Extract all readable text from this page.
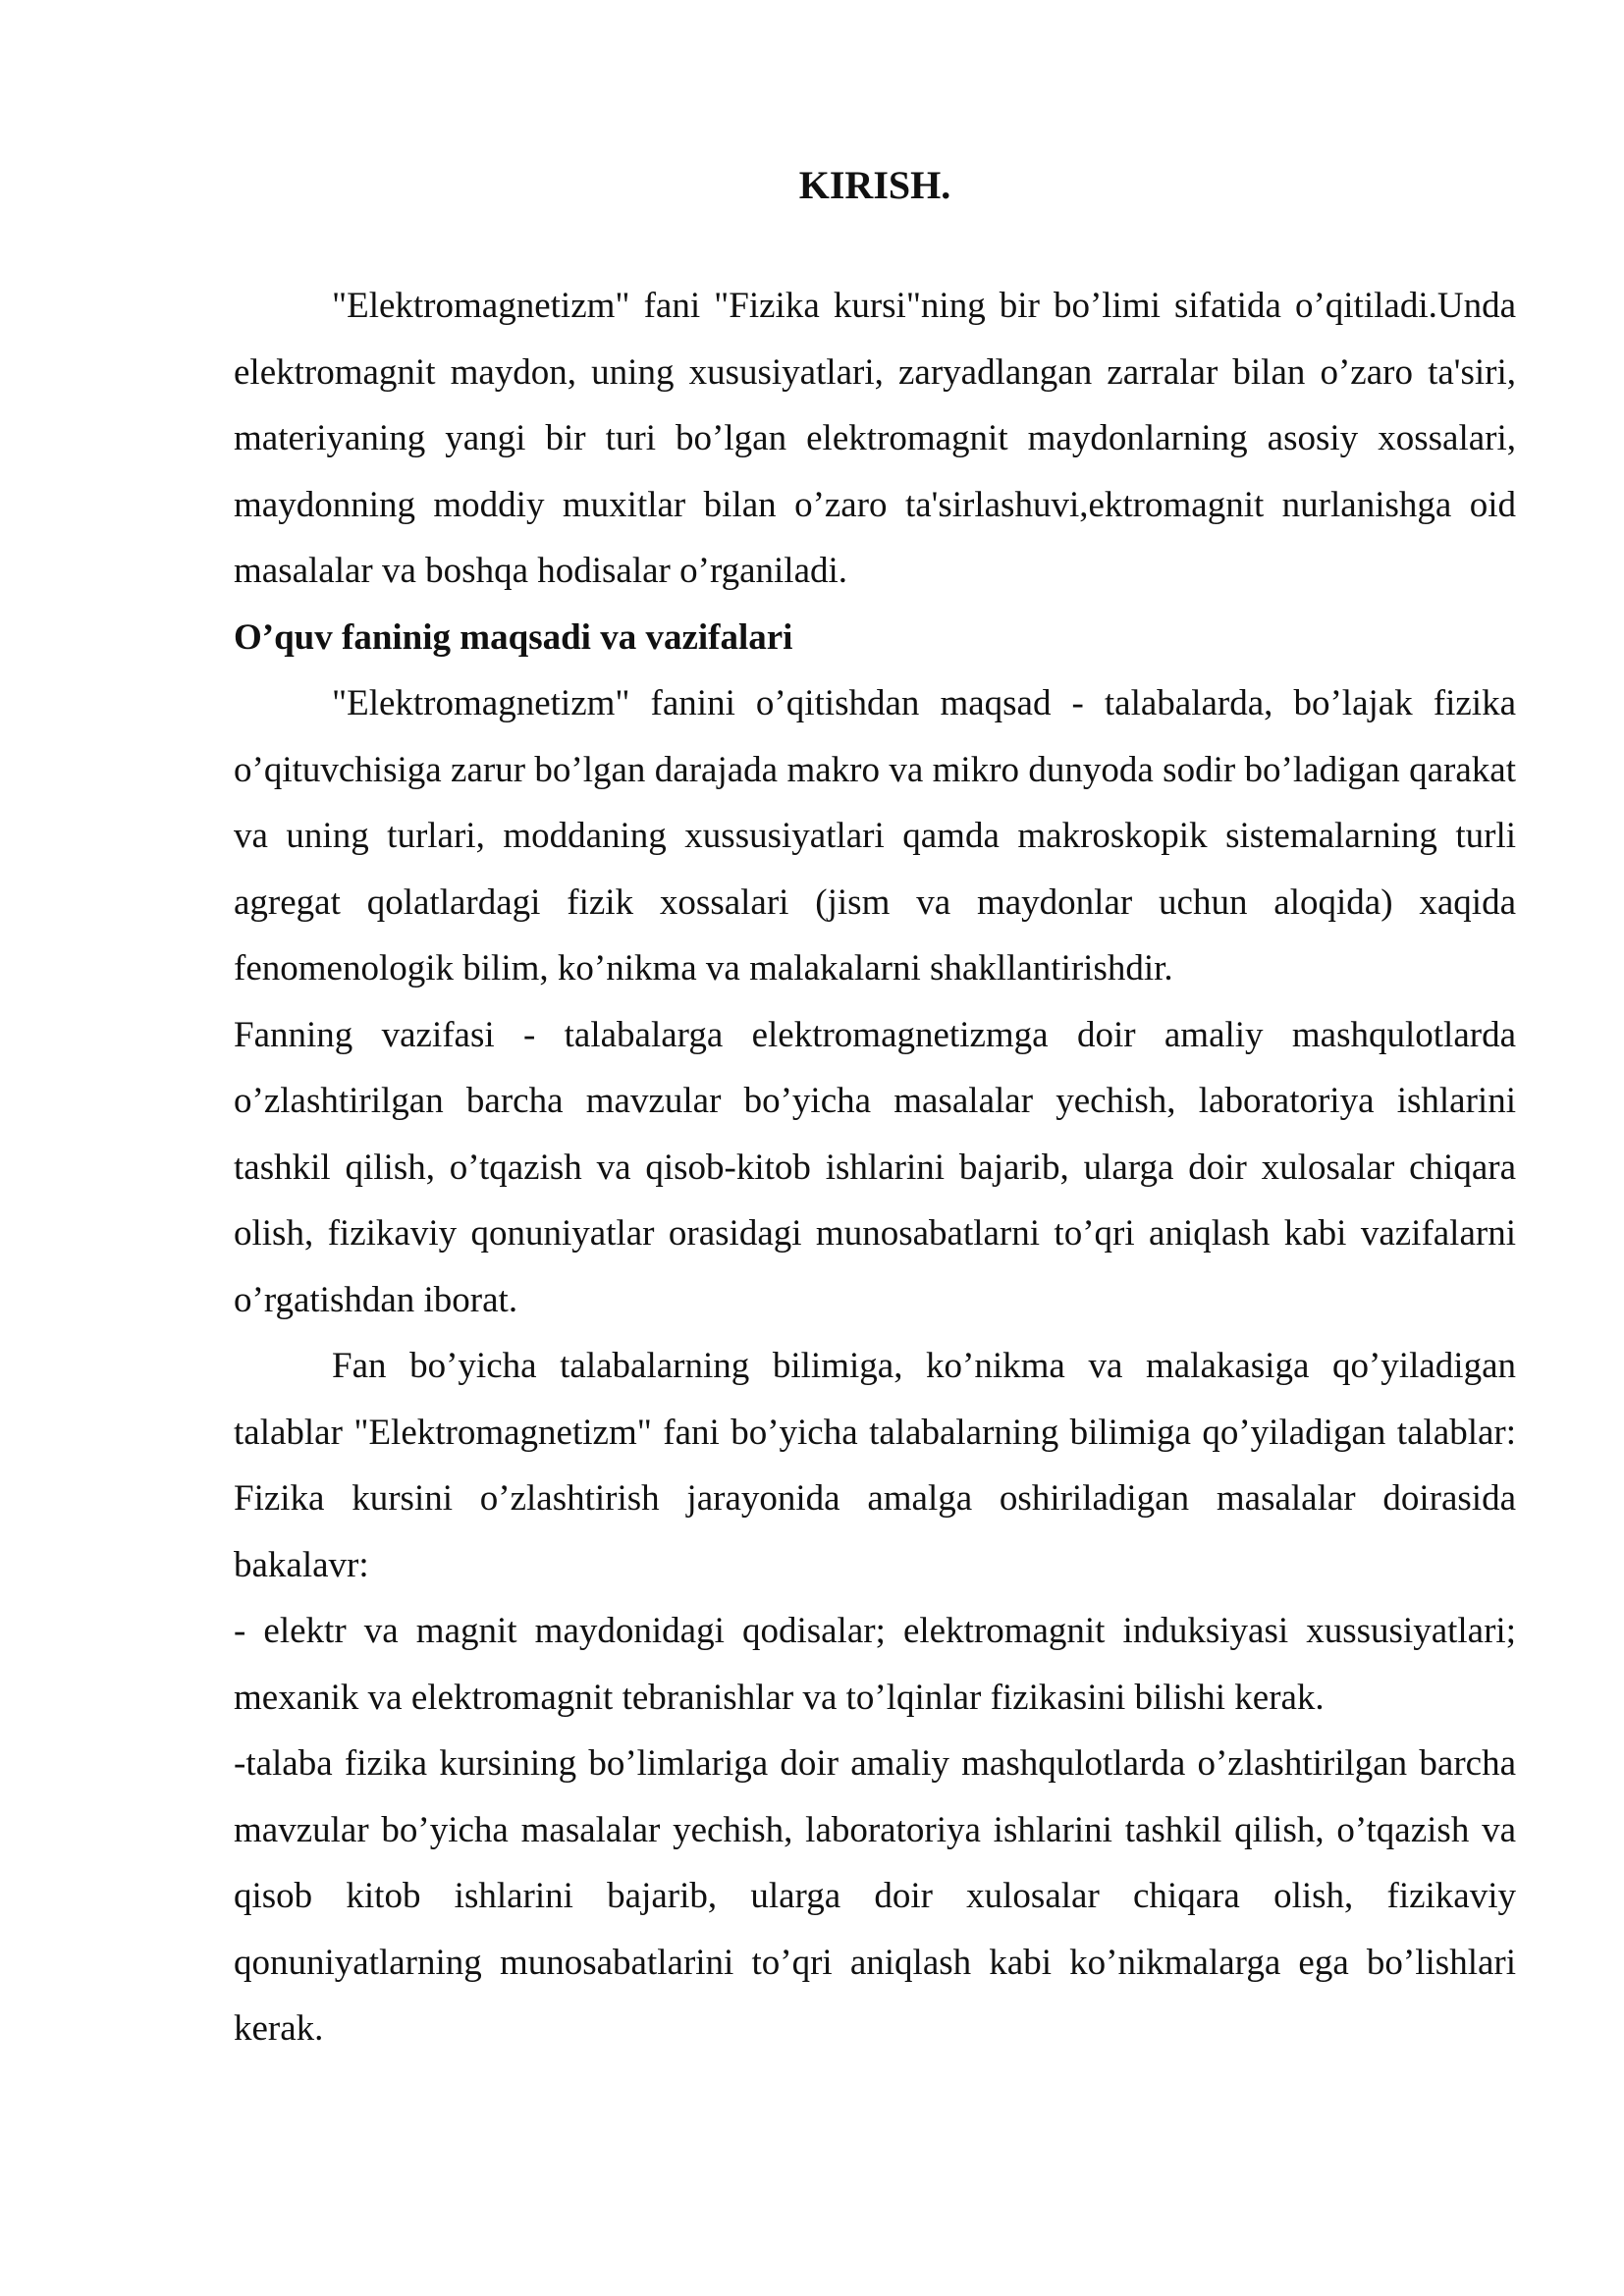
KIRISH.

"Elektromagnetizm" fani "Fizika kursi"ning bir bo’limi sifatida o’qitiladi.Unda elektromagnit maydon, uning xususiyatlari, zaryadlangan zarralar bilan o’zaro ta'siri, materiyaning yangi bir turi bo’lgan elektromagnit maydonlarning asosiy xossalari, maydonning moddiy muxitlar bilan o’zaro ta'sirlashuvi,ektromagnit nurlanishga oid masalalar va boshqa hodisalar o’rganiladi.

O’quv faninig maqsadi va vazifalari

"Elektromagnetizm" fanini o’qitishdan maqsad - talabalarda, bo’lajak fizika o’qituvchisiga zarur bo’lgan darajada makro va mikro dunyoda sodir bo’ladigan qarakat va uning turlari, moddaning xussusiyatlari qamda makroskopik sistemalarning turli agregat qolatlardagi fizik xossalari (jism va maydonlar uchun aloqida) xaqida fenomenologik bilim, ko’nikma va malakalarni shakllantirishdir.

Fanning vazifasi - talabalarga elektromagnetizmga doir amaliy mashqulotlarda o’zlashtirilgan barcha mavzular bo’yicha masalalar yechish, laboratoriya ishlarini tashkil qilish, o’tqazish va qisob-kitob ishlarini bajarib, ularga doir xulosalar chiqara olish, fizikaviy qonuniyatlar orasidagi munosabatlarni to’qri aniqlash kabi vazifalarni o’rgatishdan iborat.

Fan bo’yicha talabalarning bilimiga, ko’nikma va malakasiga qo’yiladigan talablar "Elektromagnetizm" fani bo’yicha talabalarning bilimiga qo’yiladigan talablar: Fizika kursini o’zlashtirish jarayonida amalga oshiriladigan masalalar doirasida bakalavr:

- elektr va magnit maydonidagi qodisalar; elektromagnit induksiyasi xussusiyatlari; mexanik va elektromagnit tebranishlar va to’lqinlar fizikasini bilishi kerak.

-talaba fizika kursining bo’limlariga doir amaliy mashqulotlarda o’zlashtirilgan barcha mavzular bo’yicha masalalar yechish, laboratoriya ishlarini tashkil qilish, o’tqazish va qisob kitob ishlarini bajarib, ularga doir xulosalar chiqara olish, fizikaviy qonuniyatlarning munosabatlarini to’qri aniqlash kabi ko’nikmalarga ega bo’lishlari kerak.
